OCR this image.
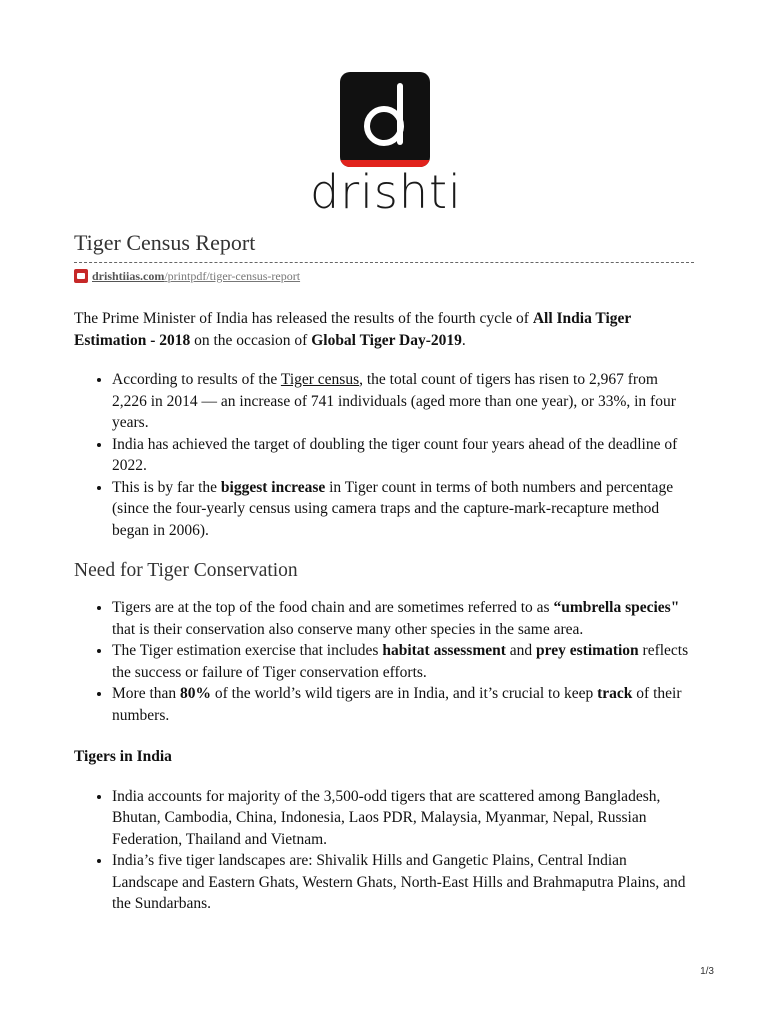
drishti
Tiger Census Report
drishtiias.com /printpdf/tiger-census-report

The Prime Minister of India has released the results of the fourth cycle of All India Tiger Estimation - 2018 on the occasion of Global Tiger Day-2019.

• According to results of the Tiger census, the total count of tigers has risen to 2,967 from 2,226 in 2014 — an increase of 741 individuals (aged more than one year), or 33%, in four years.
• India has achieved the target of doubling the tiger count four years ahead of the deadline of 2022.
• This is by far the biggest increase in Tiger count in terms of both numbers and percentage (since the four-yearly census using camera traps and the capture-mark-recapture method began in 2006).

Need for Tiger Conservation

• Tigers are at the top of the food chain and are sometimes referred to as “umbrella species" that is their conservation also conserve many other species in the same area.
• The Tiger estimation exercise that includes habitat assessment and prey estimation reflects the success or failure of Tiger conservation efforts.
• More than 80% of the world’s wild tigers are in India, and it’s crucial to keep track of their numbers.

Tigers in India

• India accounts for majority of the 3,500-odd tigers that are scattered among Bangladesh, Bhutan, Cambodia, China, Indonesia, Laos PDR, Malaysia, Myanmar, Nepal, Russian Federation, Thailand and Vietnam.
• India’s five tiger landscapes are: Shivalik Hills and Gangetic Plains, Central Indian Landscape and Eastern Ghats, Western Ghats, North-East Hills and Brahmaputra Plains, and the Sundarbans.
1/3
